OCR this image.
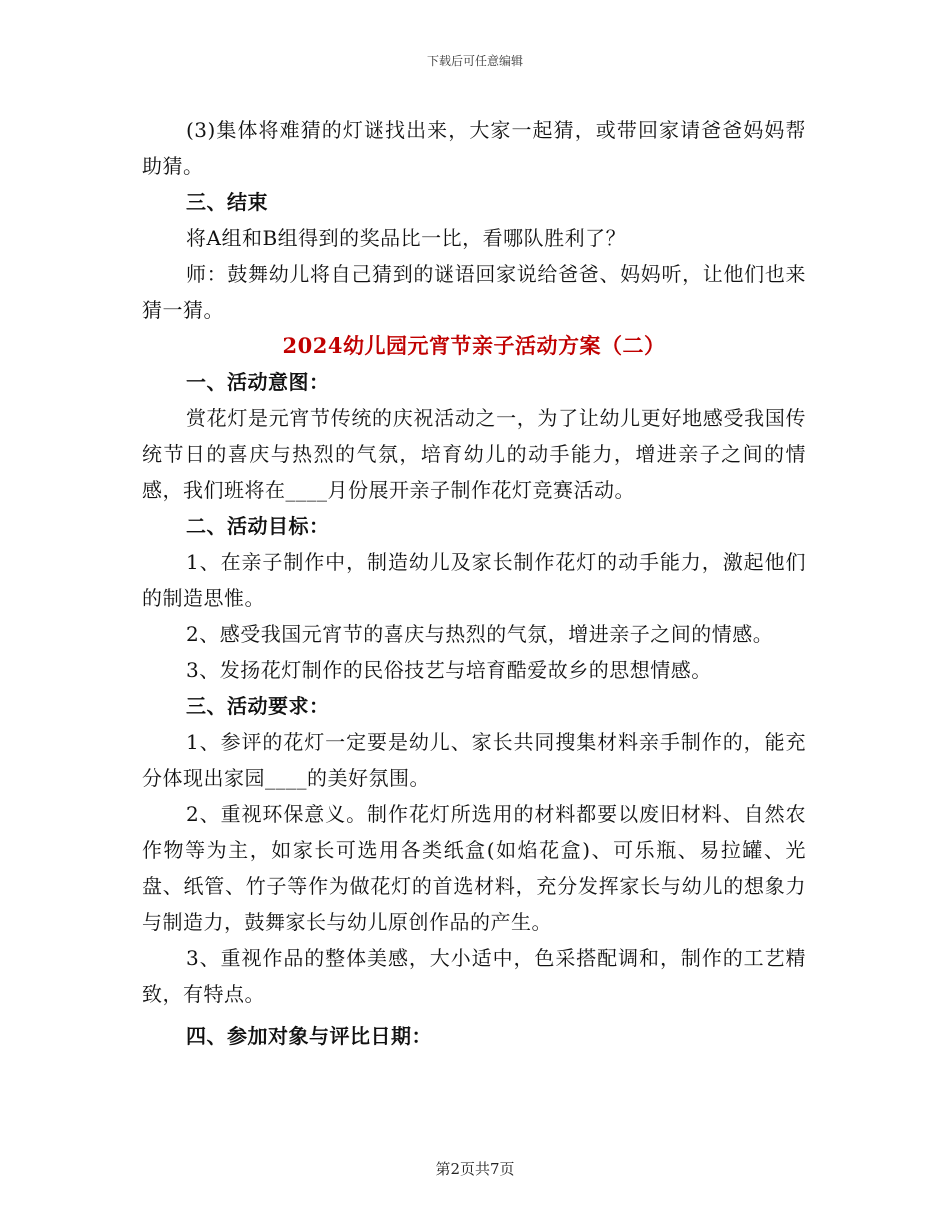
下载后可任意编辑

(3)集体将难猜的灯谜找出来，大家一起猜，或带回家请爸爸妈妈帮助猜。

三、结束

将A组和B组得到的奖品比一比，看哪队胜利了？

师：鼓舞幼儿将自己猜到的谜语回家说给爸爸、妈妈听，让他们也来猜一猜。

2024幼儿园元宵节亲子活动方案（二）

一、活动意图：

赏花灯是元宵节传统的庆祝活动之一，为了让幼儿更好地感受我国传统节日的喜庆与热烈的气氛，培育幼儿的动手能力，增进亲子之间的情感，我们班将在____月份展开亲子制作花灯竞赛活动。

二、活动目标：

1、在亲子制作中，制造幼儿及家长制作花灯的动手能力，激起他们的制造思惟。

2、感受我国元宵节的喜庆与热烈的气氛，增进亲子之间的情感。

3、发扬花灯制作的民俗技艺与培育酷爱故乡的思想情感。

三、活动要求：

1、参评的花灯一定要是幼儿、家长共同搜集材料亲手制作的，能充分体现出家园____的美好氛围。

2、重视环保意义。制作花灯所选用的材料都要以废旧材料、自然农作物等为主，如家长可选用各类纸盒(如焰花盒)、可乐瓶、易拉罐、光盘、纸管、竹子等作为做花灯的首选材料，充分发挥家长与幼儿的想象力与制造力，鼓舞家长与幼儿原创作品的产生。

3、重视作品的整体美感，大小适中，色采搭配调和，制作的工艺精致，有特点。

四、参加对象与评比日期：

第2页共7页
